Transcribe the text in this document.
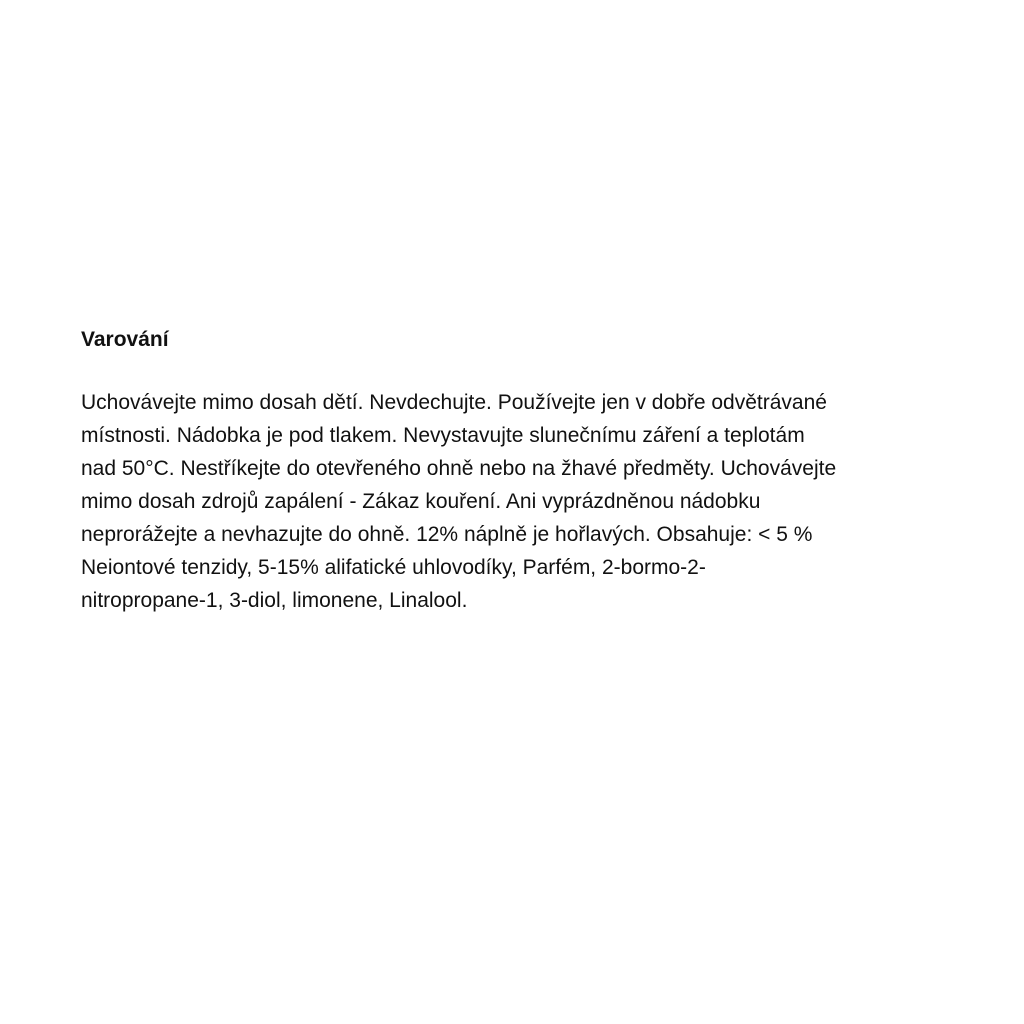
Varování

Uchovávejte mimo dosah dětí. Nevdechujte. Používejte jen v dobře odvětrávané
místnosti. Nádobka je pod tlakem. Nevystavujte slunečnímu záření a teplotám
nad 50°C. Nestříkejte do otevřeného ohně nebo na žhavé předměty. Uchovávejte
mimo dosah zdrojů zapálení - Zákaz kouření. Ani vyprázdněnou nádobku
neprorážejte a nevhazujte do ohně. 12% náplně je hořlavých. Obsahuje: < 5 %
Neiontové tenzidy, 5-15% alifatické uhlovodíky, Parfém, 2-bormo-2-
nitropropane-1, 3-diol, limonene, Linalool.
